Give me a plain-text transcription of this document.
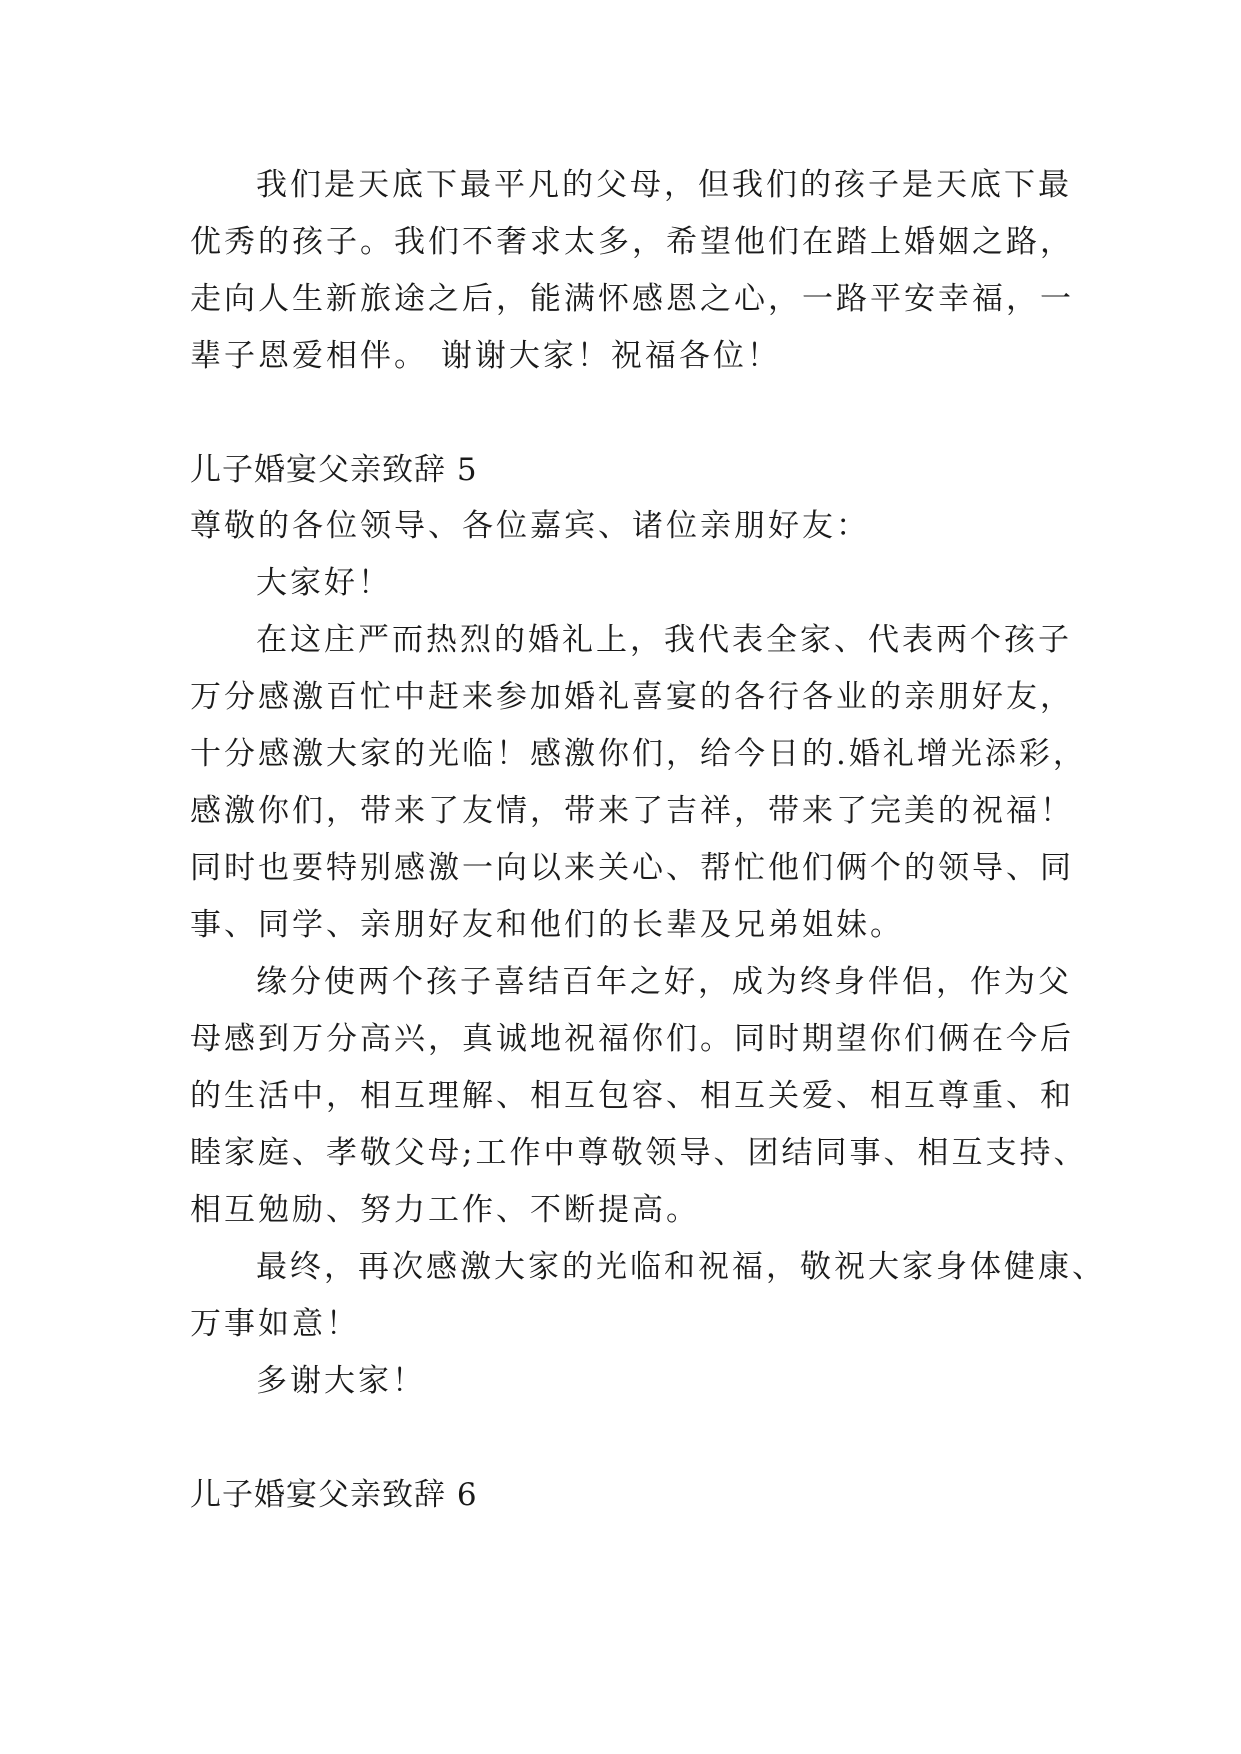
我们是天底下最平凡的父母，但我们的孩子是天底下最
优秀的孩子。我们不奢求太多，希望他们在踏上婚姻之路，
走向人生新旅途之后，能满怀感恩之心，一路平安幸福，一
辈子恩爱相伴。 谢谢大家！祝福各位！
儿子婚宴父亲致辞 5
尊敬的各位领导、各位嘉宾、诸位亲朋好友：
大家好！
在这庄严而热烈的婚礼上，我代表全家、代表两个孩子
万分感激百忙中赶来参加婚礼喜宴的各行各业的亲朋好友，
十分感激大家的光临！感激你们，给今日的.婚礼增光添彩，
感激你们，带来了友情，带来了吉祥，带来了完美的祝福！
同时也要特别感激一向以来关心、帮忙他们俩个的领导、同
事、同学、亲朋好友和他们的长辈及兄弟姐妹。
缘分使两个孩子喜结百年之好，成为终身伴侣，作为父
母感到万分高兴，真诚地祝福你们。同时期望你们俩在今后
的生活中，相互理解、相互包容、相互关爱、相互尊重、和
睦家庭、孝敬父母;工作中尊敬领导、团结同事、相互支持、
相互勉励、努力工作、不断提高。
最终，再次感激大家的光临和祝福，敬祝大家身体健康、
万事如意！
多谢大家！
儿子婚宴父亲致辞 6
